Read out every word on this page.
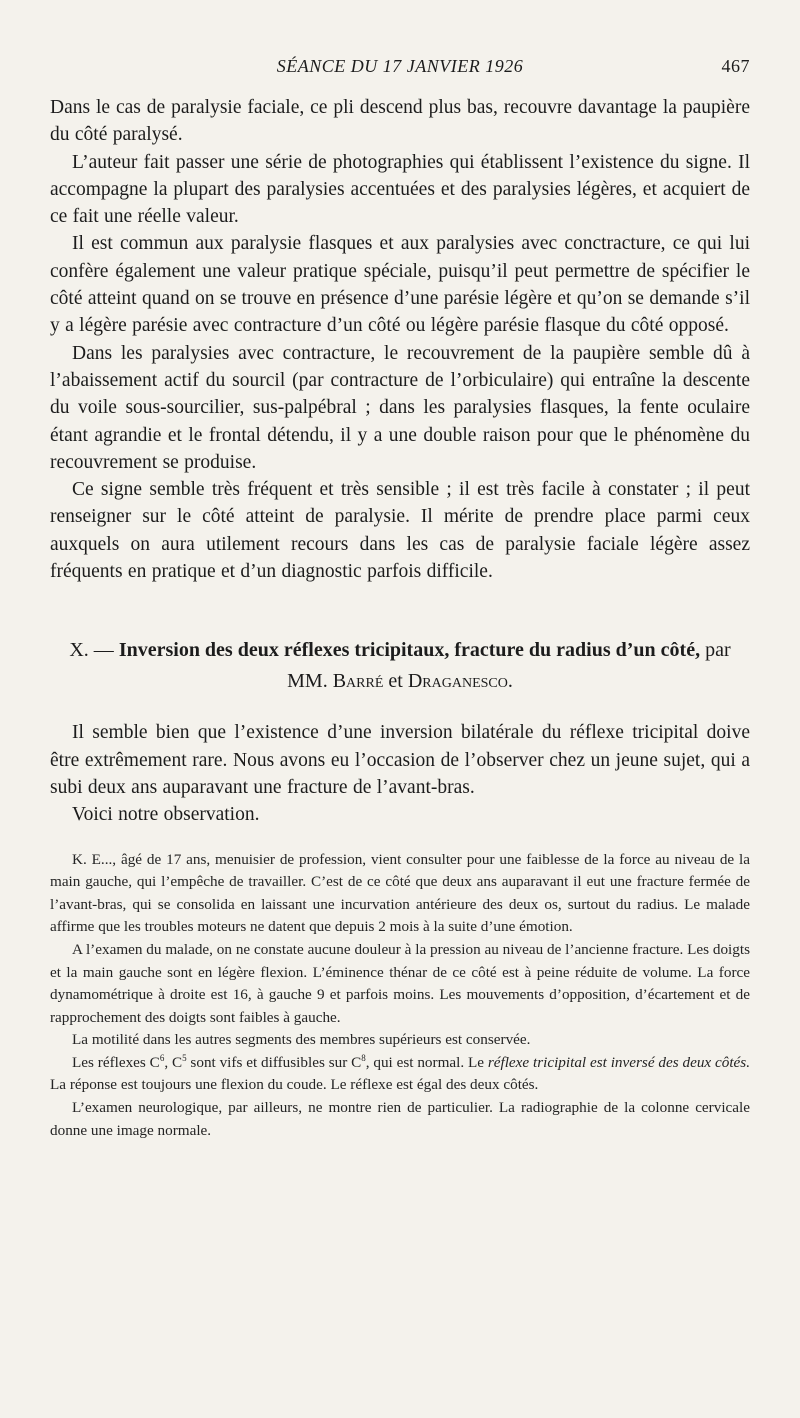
SÉANCE DU 17 JANVIER 1926	467

Dans le cas de paralysie faciale, ce pli descend plus bas, recouvre davantage la paupière du côté paralysé.

L’auteur fait passer une série de photographies qui établissent l’existence du signe. Il accompagne la plupart des paralysies accentuées et des paralysies légères, et acquiert de ce fait une réelle valeur.

Il est commun aux paralysie flasques et aux paralysies avec conctracture, ce qui lui confère également une valeur pratique spéciale, puisqu’il peut permettre de spécifier le côté atteint quand on se trouve en présence d’une parésie légère et qu’on se demande s’il y a légère parésie avec contracture d’un côté ou légère parésie flasque du côté opposé.

Dans les paralysies avec contracture, le recouvrement de la paupière semble dû à l’abaissement actif du sourcil (par contracture de l’orbiculaire) qui entraîne la descente du voile sous-sourcilier, sus-palpébral ; dans les paralysies flasques, la fente oculaire étant agrandie et le frontal détendu, il y a une double raison pour que le phénomène du recouvrement se produise.

Ce signe semble très fréquent et très sensible ; il est très facile à constater ; il peut renseigner sur le côté atteint de paralysie. Il mérite de prendre place parmi ceux auxquels on aura utilement recours dans les cas de paralysie faciale légère assez fréquents en pratique et d’un diagnostic parfois difficile.

X. — Inversion des deux réflexes tricipitaux, fracture du radius d’un côté, par MM. Barré et Draganesco.

Il semble bien que l’existence d’une inversion bilatérale du réflexe tricipital doive être extrêmement rare. Nous avons eu l’occasion de l’observer chez un jeune sujet, qui a subi deux ans auparavant une fracture de l’avant-bras.

Voici notre observation.

K. E..., âgé de 17 ans, menuisier de profession, vient consulter pour une faiblesse de la force au niveau de la main gauche, qui l’empêche de travailler. C’est de ce côté que deux ans auparavant il eut une fracture fermée de l’avant-bras, qui se consolida en laissant une incurvation antérieure des deux os, surtout du radius. Le malade affirme que les troubles moteurs ne datent que depuis 2 mois à la suite d’une émotion.

A l’examen du malade, on ne constate aucune douleur à la pression au niveau de l’ancienne fracture. Les doigts et la main gauche sont en légère flexion. L’éminence thénar de ce côté est à peine réduite de volume. La force dynamométrique à droite est 16, à gauche 9 et parfois moins. Les mouvements d’opposition, d’écartement et de rapprochement des doigts sont faibles à gauche.

La motilité dans les autres segments des membres supérieurs est conservée.

Les réflexes $C^6$, $C^5$ sont vifs et diffusibles sur $C^8$, qui est normal. Le réflexe tricipital est inversé des deux côtés. La réponse est toujours une flexion du coude. Le réflexe est égal des deux côtés.

L’examen neurologique, par ailleurs, ne montre rien de particulier. La radiographie de la colonne cervicale donne une image normale.
